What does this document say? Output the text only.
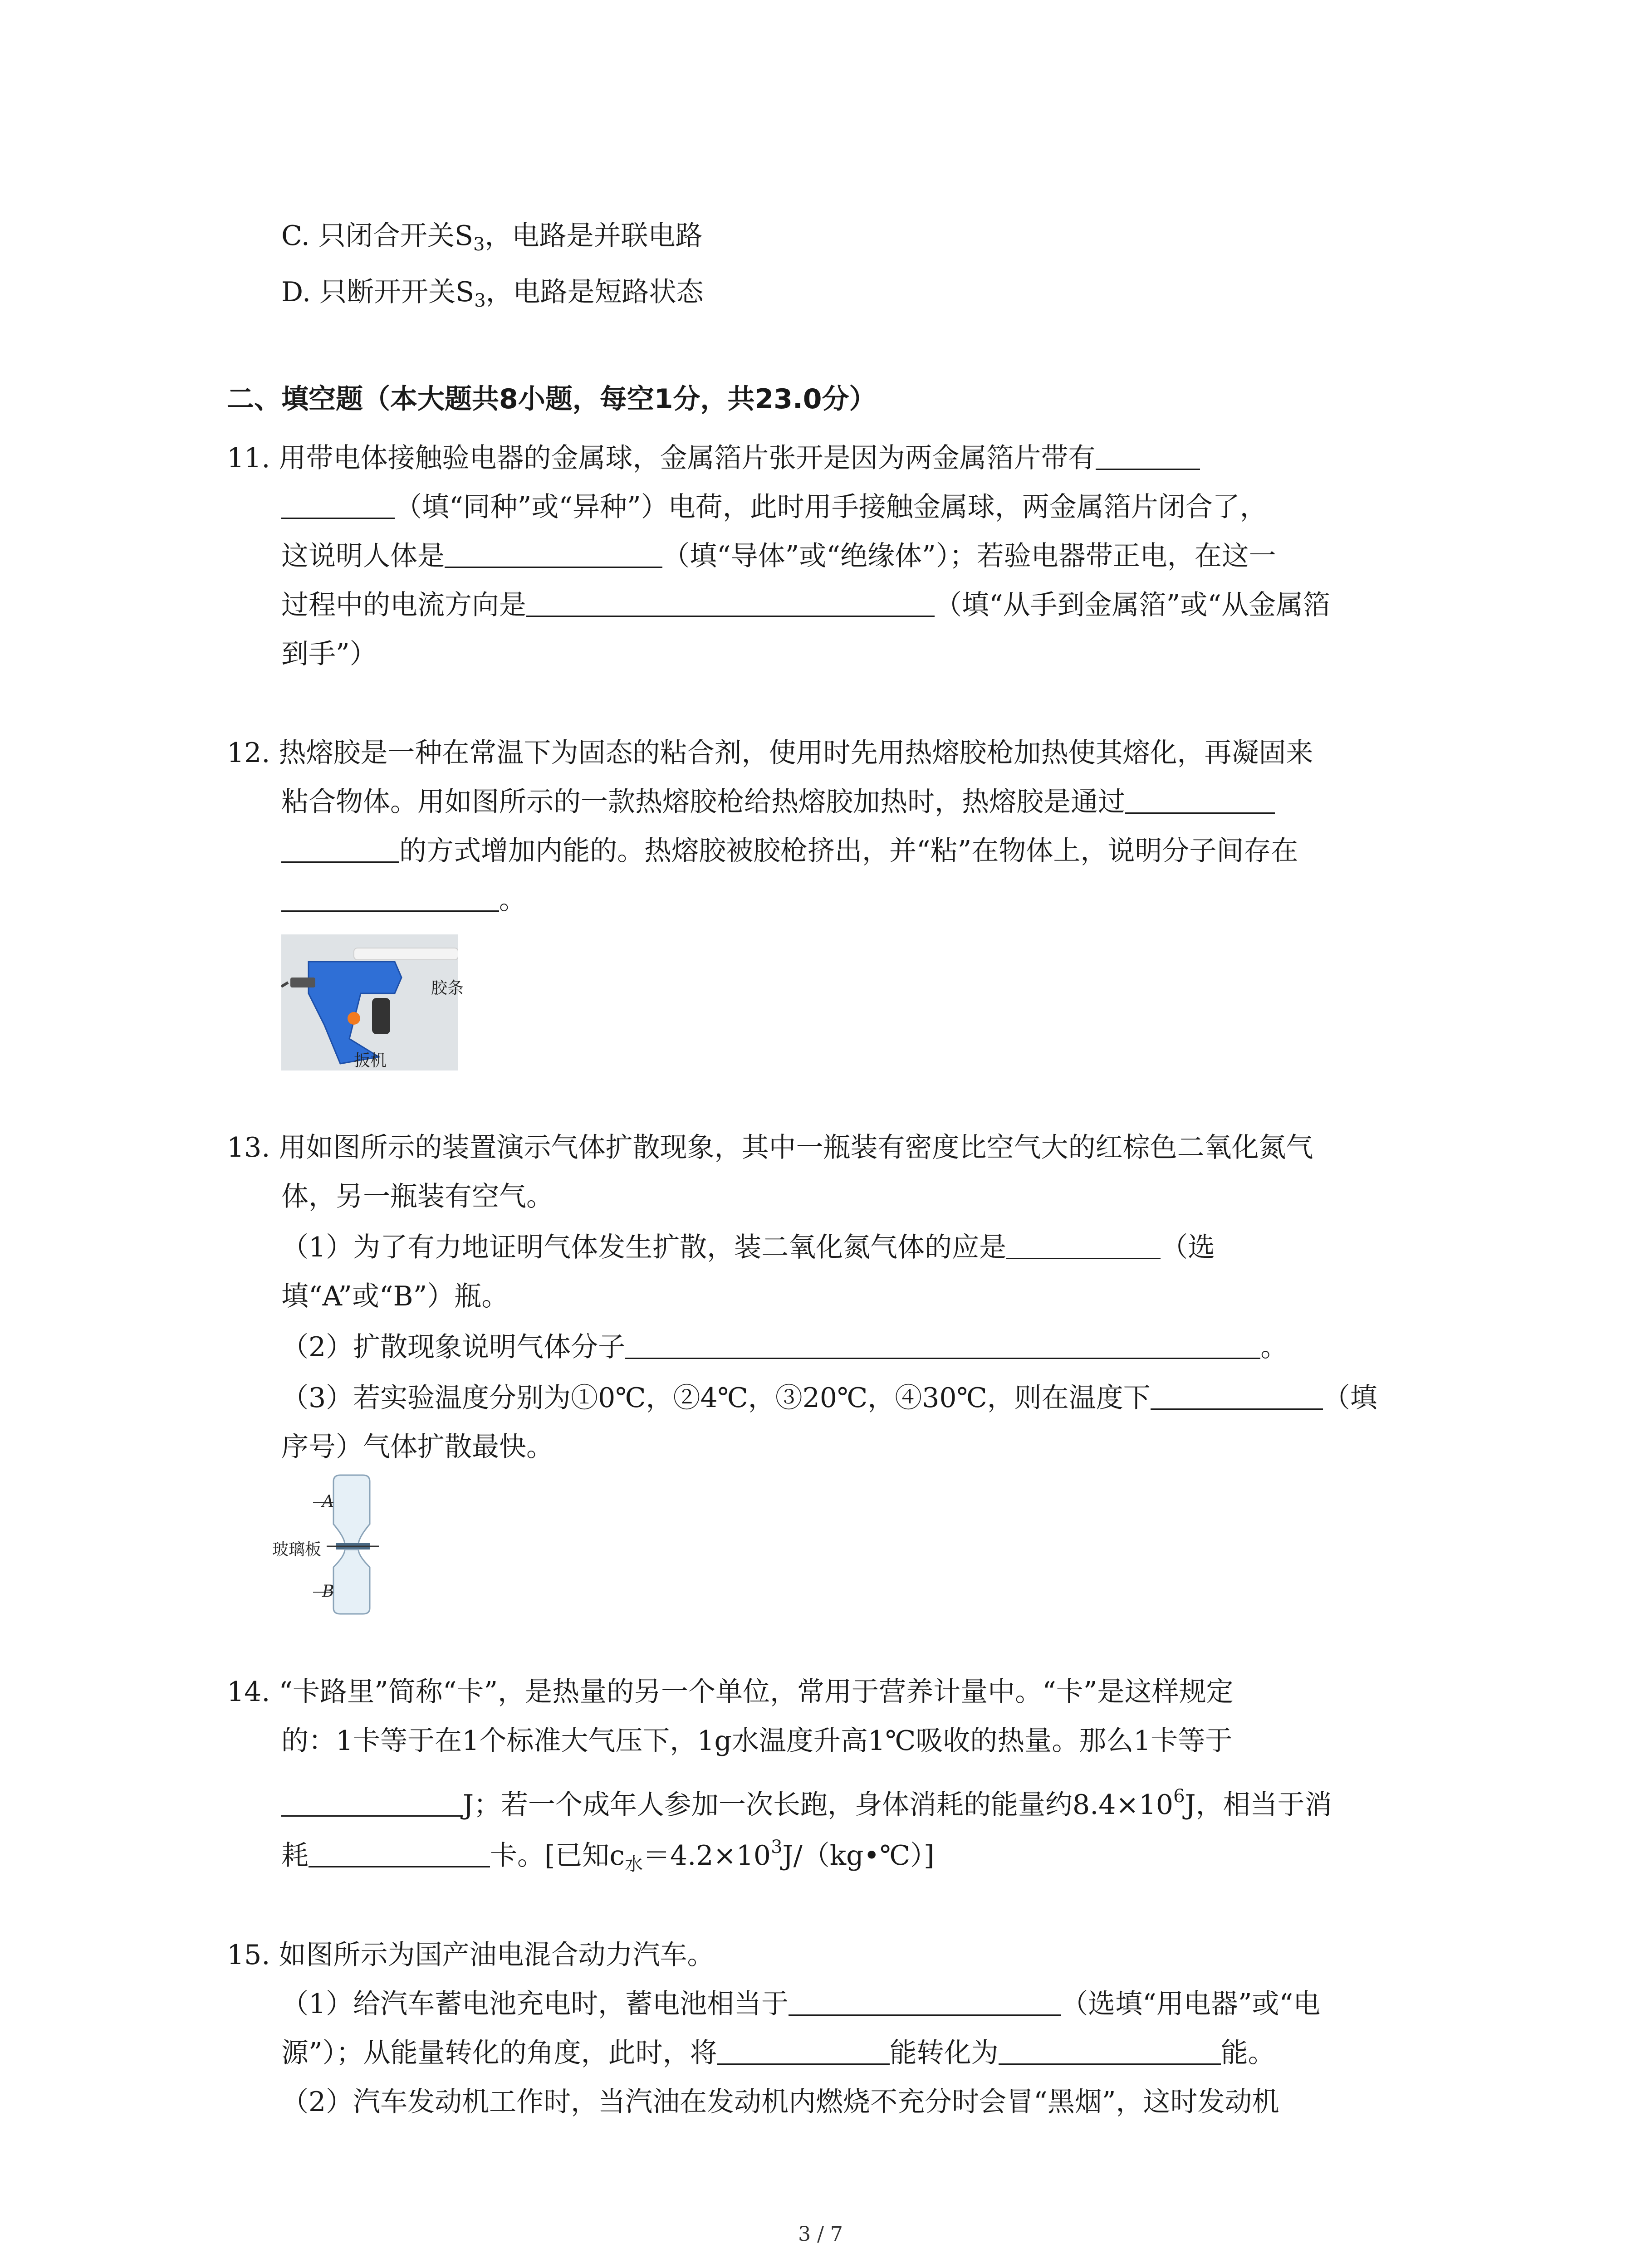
C. 只闭合开关$S_3$，电路是并联电路
D. 只断开开关$S_3$，电路是短路状态
二、填空题（本大题共8小题，每空1分，共23.0分）
11. 用带电体接触验电器的金属球，金属箔片张开是因为两金属箔片带有
（填“同种”或“异种”）电荷，此时用手接触金属球，两金属箔片闭合了，
这说明人体是	（填“导体”或“绝缘体”）；若验电器带正电，在这一
过程中的电流方向是	（填“从手到金属箔”或“从金属箔
到手”）
12. 热熔胶是一种在常温下为固态的粘合剂，使用时先用热熔胶枪加热使其熔化，再凝固来
粘合物体。用如图所示的一款热熔胶枪给热熔胶加热时，热熔胶是通过
的方式增加内能的。热熔胶被胶枪挤出，并“粘”在物体上，说明分子间存在
。
胶条
扳机
13. 用如图所示的装置演示气体扩散现象，其中一瓶装有密度比空气大的红棕色二氧化氮气
体，另一瓶装有空气。
（1）为了有力地证明气体发生扩散，装二氧化氮气体的应是	（选
填“A”或“B”）瓶。
（2）扩散现象说明气体分子	。
（3）若实验温度分别为①0℃，②4℃，③20℃，④30℃，则在温度下	（填
序号）气体扩散最快。
A
玻璃板
B
14. “卡路里”简称“卡”，是热量的另一个单位，常用于营养计量中。“卡”是这样规定
的：1卡等于在1个标准大气压下，1g水温度升高1℃吸收的热量。那么1卡等于
J；若一个成年人参加一次长跑，身体消耗的能量约$8.4\times 10^6J$，相当于消
耗	卡。[已知$c_水=4.2\times 10^3J/(kg•℃)$]
15. 如图所示为国产油电混合动力汽车。
（1）给汽车蓄电池充电时，蓄电池相当于	（选填“用电器”或“电
源”）；从能量转化的角度，此时，将	能转化为	能。
（2）汽车发动机工作时，当汽油在发动机内燃烧不充分时会冒“黑烟”，这时发动机
3 / 7
